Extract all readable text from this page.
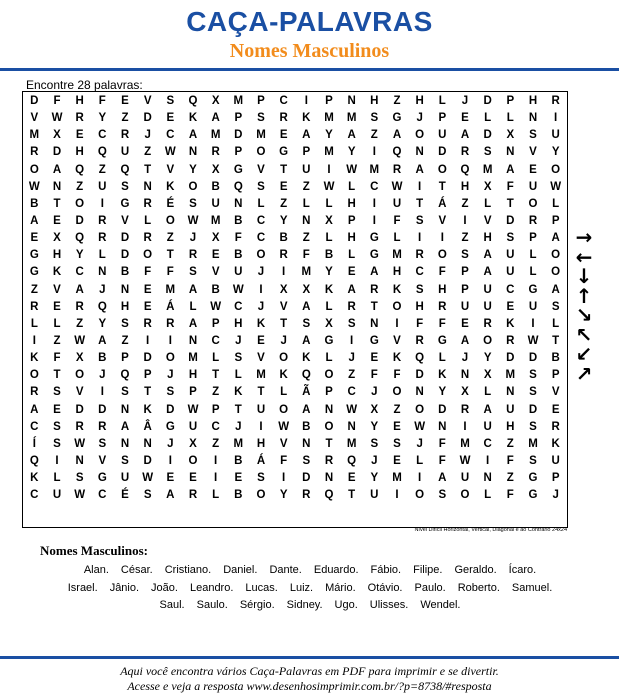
CAÇA-PALAVRAS
Nomes Masculinos
Encontre 28 palavras:
D	F	H	F	E	V	S	Q	X	M	P	C	I	P	N	H	Z	H	L	J	D	P	H	R
V	W	R	Y	Z	D	E	K	A	P	S	R	K	M	M	S	G	J	P	E	L	L	N	I
M	X	E	C	R	J	C	A	M	D	M	E	A	Y	A	Z	A	O	U	A	D	X	S	U
R	D	H	Q	U	Z	W	N	R	P	O	G	P	M	Y	I	Q	N	D	R	S	N	V	Y
O	A	Q	Z	Q	T	V	Y	X	G	V	T	U	I	W	M	R	A	O	Q	M	A	E	O
W	N	Z	U	S	N	K	O	B	Q	S	E	Z	W	L	C	W	I	T	H	X	F	U	W
B	T	O	I	G	R	É	S	U	N	L	Z	L	L	H	I	U	T	Á	Z	L	T	O	L
A	E	D	R	V	L	O	W	M	B	C	Y	N	X	P	I	F	S	V	I	V	D	R	P
E	X	Q	R	D	R	Z	J	X	F	C	B	Z	L	H	G	L	I	I	Z	H	S	P	A
G	H	Y	L	D	O	T	R	E	B	O	R	F	B	L	G	M	R	O	S	A	U	L	O
G	K	C	N	B	F	F	S	V	U	J	I	M	Y	E	A	H	C	F	P	A	U	L	O
Z	V	A	J	N	E	M	A	B	W	I	X	X	K	A	R	K	S	H	P	U	C	G	A
R	E	R	Q	H	E	Á	L	W	C	J	V	A	L	R	T	O	H	R	U	U	E	U	S
L	L	Z	Y	S	R	R	A	P	H	K	T	S	X	S	N	I	F	F	E	R	K	I	L
I	Z	W	A	Z	I	I	N	C	J	E	J	A	G	I	G	V	R	G	A	O	R	W	T
K	F	X	B	P	D	O	M	L	S	V	O	K	L	J	E	K	Q	L	J	Y	D	D	B
O	T	O	J	Q	P	J	H	T	L	M	K	Q	O	Z	F	F	D	K	N	X	M	S	P
R	S	V	I	S	T	S	P	Z	K	T	L	Ã	P	C	J	O	N	Y	X	L	N	S	V
A	E	D	D	N	K	D	W	P	T	U	O	A	N	W	X	Z	O	D	R	A	U	D	E
C	S	R	R	A	Â	G	U	C	J	I	W	B	O	N	Y	E	W	N	I	U	H	S	R
Í	S	W	S	N	N	J	X	Z	M	H	V	N	T	M	S	S	J	F	M	C	Z	M	K
Q	I	N	V	S	D	I	O	I	B	Á	F	S	R	Q	J	E	L	F	W	I	F	S	U
K	L	S	G	U	W	E	E	I	E	S	I	D	N	E	Y	M	I	A	U	N	Z	G	P
C	U	W	C	É	S	A	R	L	B	O	Y	R	Q	T	U	I	O	S	O	L	F	G	J
Nível Difícil Horizontal, Vertical, Diagonal e ao Contrário 24x24
→
←
↓
↑
↘
↖
↙
↗
Nomes Masculinos:
Alan. César. Cristiano. Daniel. Dante. Eduardo. Fábio. Filipe. Geraldo. Ícaro.
Israel. Jânio. João. Leandro. Lucas. Luiz. Mário. Otávio. Paulo. Roberto. Samuel.
Saul. Saulo. Sérgio. Sidney. Ugo. Ulisses. Wendel.
Aqui você encontra vários Caça-Palavras em PDF para imprimir e se divertir.
Acesse e veja a resposta www.desenhosimprimir.com.br/?p=8738/#resposta
